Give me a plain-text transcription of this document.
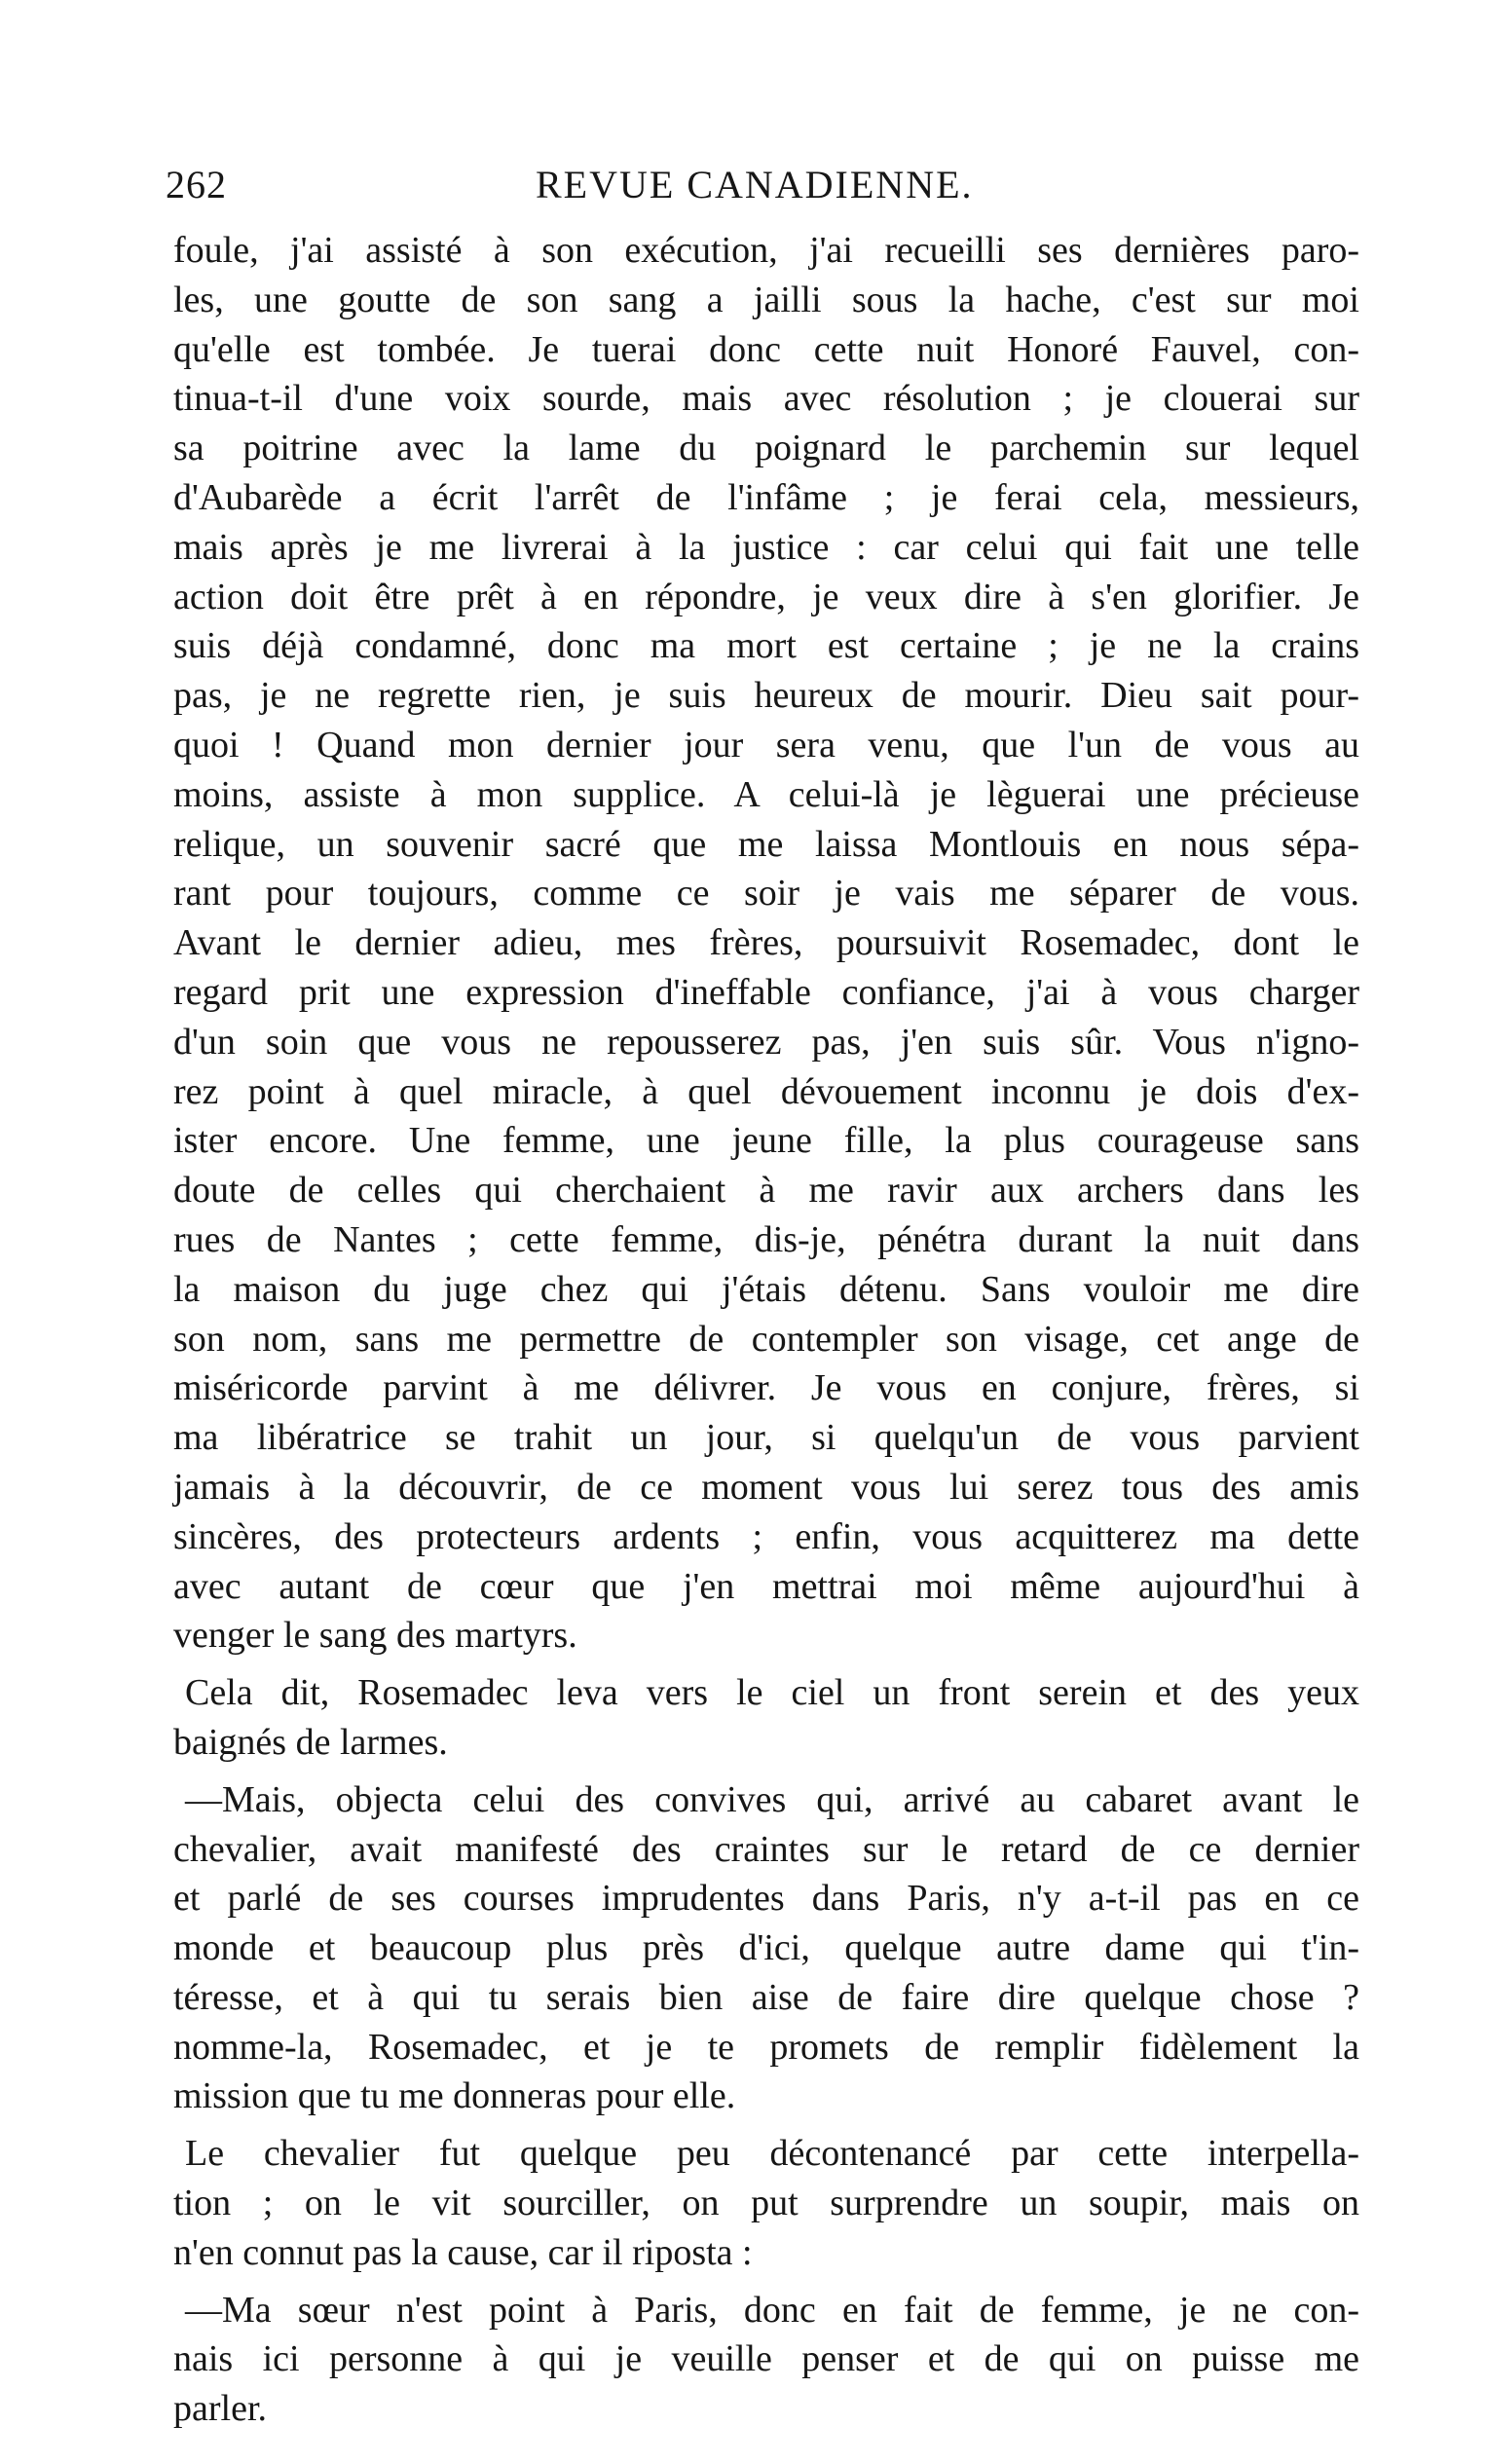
262	REVUE CANADIENNE.
foule, j'ai assisté à son exécution, j'ai recueilli ses dernières paro-
les, une goutte de son sang a jailli sous la hache, c'est sur moi
qu'elle est tombée. Je tuerai donc cette nuit Honoré Fauvel, con-
tinua-t-il d'une voix sourde, mais avec résolution ; je clouerai sur
sa poitrine avec la lame du poignard le parchemin sur lequel
d'Aubarède a écrit l'arrêt de l'infâme ; je ferai cela, messieurs,
mais après je me livrerai à la justice : car celui qui fait une telle
action doit être prêt à en répondre, je veux dire à s'en glorifier. Je
suis déjà condamné, donc ma mort est certaine ; je ne la crains
pas, je ne regrette rien, je suis heureux de mourir. Dieu sait pour-
quoi ! Quand mon dernier jour sera venu, que l'un de vous au
moins, assiste à mon supplice. A celui-là je lèguerai une précieuse
relique, un souvenir sacré que me laissa Montlouis en nous sépa-
rant pour toujours, comme ce soir je vais me séparer de vous.
Avant le dernier adieu, mes frères, poursuivit Rosemadec, dont le
regard prit une expression d'ineffable confiance, j'ai à vous charger
d'un soin que vous ne repousserez pas, j'en suis sûr. Vous n'igno-
rez point à quel miracle, à quel dévouement inconnu je dois d'ex-
ister encore. Une femme, une jeune fille, la plus courageuse sans
doute de celles qui cherchaient à me ravir aux archers dans les
rues de Nantes ; cette femme, dis-je, pénétra durant la nuit dans
la maison du juge chez qui j'étais détenu. Sans vouloir me dire
son nom, sans me permettre de contempler son visage, cet ange de
miséricorde parvint à me délivrer. Je vous en conjure, frères, si
ma libératrice se trahit un jour, si quelqu'un de vous parvient
jamais à la découvrir, de ce moment vous lui serez tous des amis
sincères, des protecteurs ardents ; enfin, vous acquitterez ma dette
avec autant de cœur que j'en mettrai moi même aujourd'hui à
venger le sang des martyrs.
Cela dit, Rosemadec leva vers le ciel un front serein et des yeux
baignés de larmes.
—Mais, objecta celui des convives qui, arrivé au cabaret avant le
chevalier, avait manifesté des craintes sur le retard de ce dernier
et parlé de ses courses imprudentes dans Paris, n'y a-t-il pas en ce
monde et beaucoup plus près d'ici, quelque autre dame qui t'in-
téresse, et à qui tu serais bien aise de faire dire quelque chose ?
nomme-la, Rosemadec, et je te promets de remplir fidèlement la
mission que tu me donneras pour elle.
Le chevalier fut quelque peu décontenancé par cette interpella-
tion ; on le vit sourciller, on put surprendre un soupir, mais on
n'en connut pas la cause, car il riposta :
—Ma sœur n'est point à Paris, donc en fait de femme, je ne con-
nais ici personne à qui je veuille penser et de qui on puisse me
parler.
